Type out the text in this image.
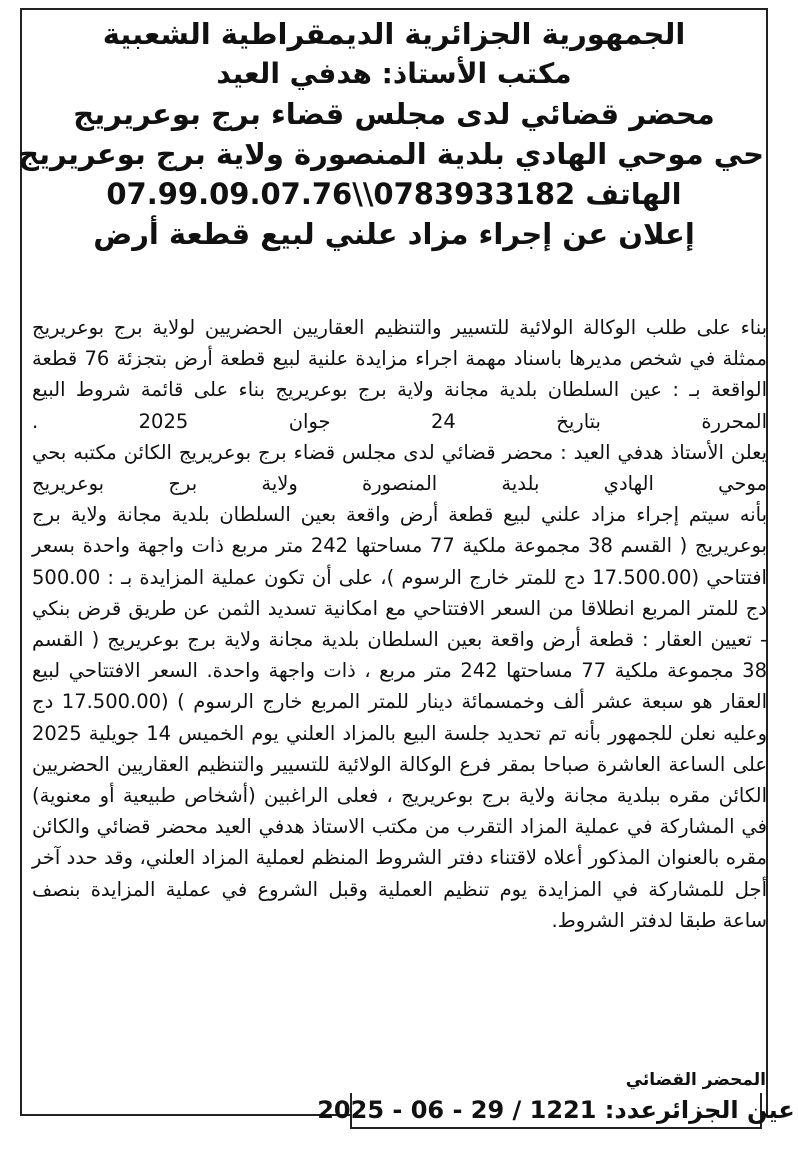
الجمهورية الجزائرية الديمقراطية الشعبية
مكتب الأستاذ: هدفي العيد
محضر قضائي لدى مجلس قضاء برج بوعريريج
حي موحي الهادي بلدية المنصورة ولاية برج بوعريريج
الهاتف 0783933182\\07.99.09.07.76
إعلان عن إجراء مزاد علني لبيع قطعة أرض

بناء على طلب الوكالة الولائية للتسيير والتنظيم العقاريين الحضريين لولاية برج بوعريريج ممثلة في شخص مديرها باسناد مهمة اجراء مزايدة علنية لبيع قطعة أرض بتجزئة 76 قطعة الواقعة بـ : عين السلطان بلدية مجانة ولاية برج بوعريريج بناء على قائمة شروط البيع المحررة بتاريخ 24 جوان 2025 .

يعلن الأستاذ هدفي العيد : محضر قضائي لدى مجلس قضاء برج بوعريريج الكائن مكتبه بحي موحي الهادي بلدية المنصورة ولاية برج بوعريريج

بأنه سيتم إجراء مزاد علني لبيع قطعة أرض واقعة بعين السلطان بلدية مجانة ولاية برج بوعريريج ( القسم 38 مجموعة ملكية 77 مساحتها 242 متر مربع ذات واجهة واحدة بسعر افتتاحي (17.500.00 دج للمتر خارج الرسوم )، على أن تكون عملية المزايدة بـ : 500.00 دج للمتر المربع انطلاقا من السعر الافتتاحي مع امكانية تسديد الثمن عن طريق قرض بنكي

- تعيين العقار : قطعة أرض واقعة بعين السلطان بلدية مجانة ولاية برج بوعريريج ( القسم 38 مجموعة ملكية 77 مساحتها 242 متر مربع ، ذات واجهة واحدة. السعر الافتتاحي لبيع العقار هو سبعة عشر ألف وخمسمائة دينار للمتر المربع خارج الرسوم ) (17.500.00 دج

وعليه نعلن للجمهور بأنه تم تحديد جلسة البيع بالمزاد العلني يوم الخميس 14 جويلية 2025 على الساعة العاشرة صباحا بمقر فرع الوكالة الولائية للتسيير والتنظيم العقاريين الحضريين الكائن مقره ببلدية مجانة ولاية برج بوعريريج ، فعلى الراغبين (أشخاص طبيعية أو معنوية) في المشاركة في عملية المزاد التقرب من مكتب الاستاذ هدفي العيد محضر قضائي والكائن مقره بالعنوان المذكور أعلاه لاقتناء دفتر الشروط المنظم لعملية المزاد العلني، وقد حدد آخر أجل للمشاركة في المزايدة يوم تنظيم العملية وقبل الشروع في عملية المزايدة بنصف ساعة طبقا لدفتر الشروط.

المحضر القضائي
عين الجزائرعدد: 1221 / 29 - 06 - 2025
